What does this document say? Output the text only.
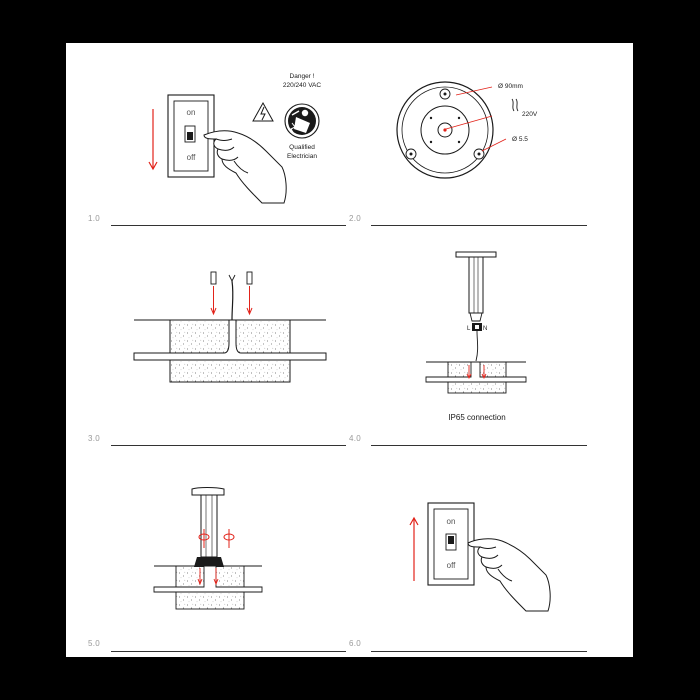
1.0	2.0
3.0	4.0
5.0	6.0
on
off
Danger !
220/240 VAC
Qualified
Electrician
Ø 90mm
220V
Ø 5.5
L N
IP65 connection
on
off
